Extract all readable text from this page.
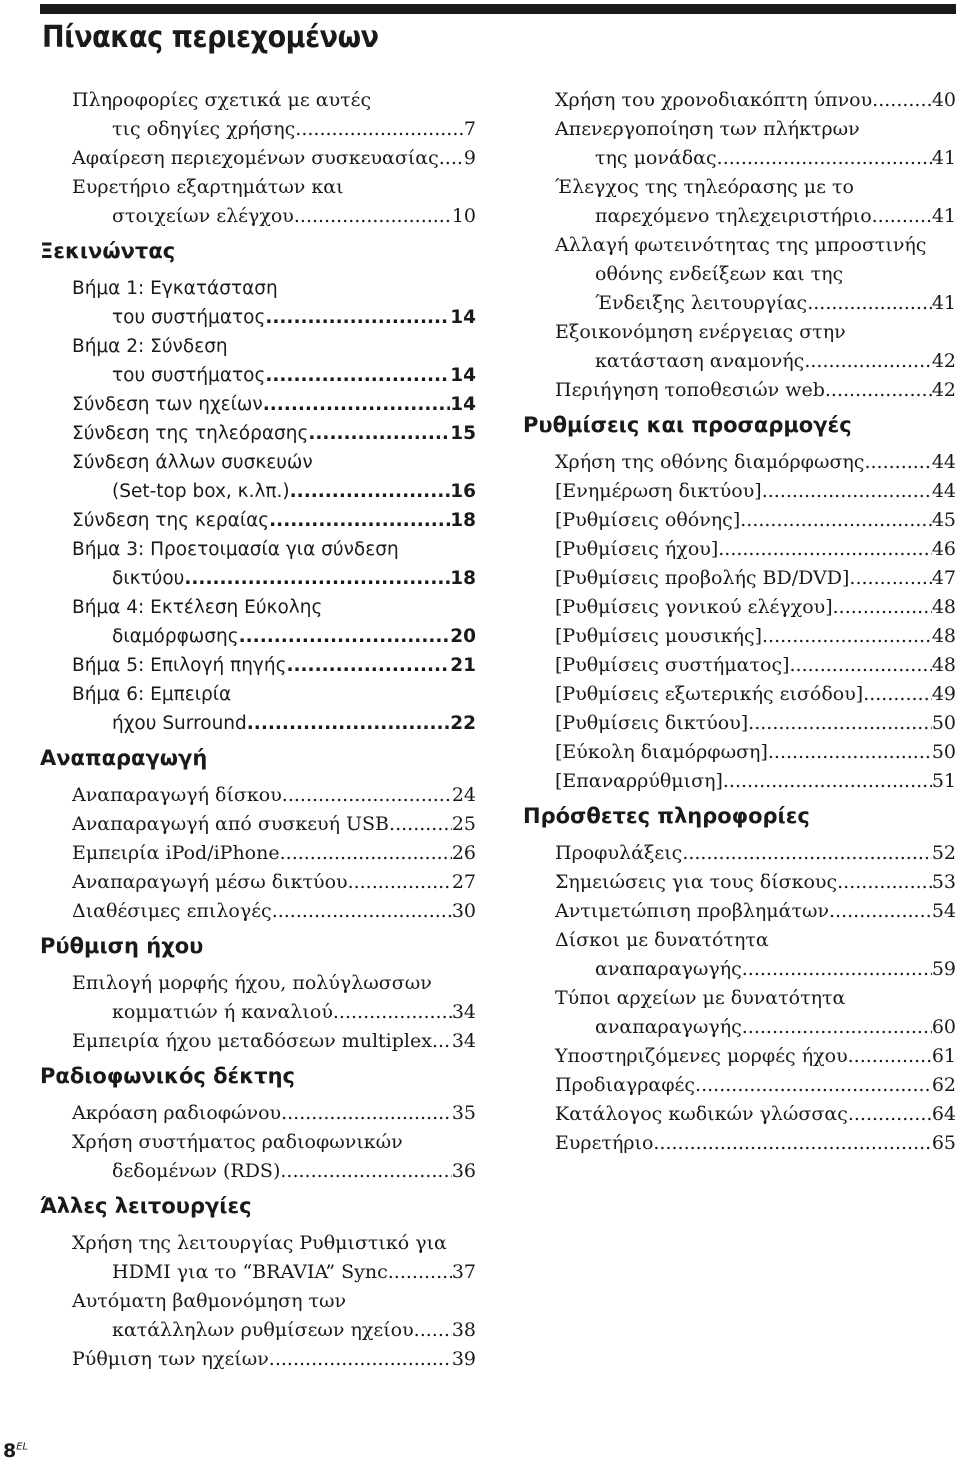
Πίνακας περιεχομένων
Πληροφορίες σχετικά με αυτές
τις οδηγίες χρήσης .....	7
Αφαίρεση περιεχομένων συσκευασίας ..... 9
Ευρετήριο εξαρτημάτων και
στοιχείων ελέγχου .....	10
Ξεκινώντας
Βήμα 1: Εγκατάσταση
του συστήματος .....	14
Βήμα 2: Σύνδεση
του συστήματος .....	14
Σύνδεση των ηχείων .....	14
Σύνδεση της τηλεόρασης .....	15
Σύνδεση άλλων συσκευών
(Set-top box, κ.λπ.) .....	16
Σύνδεση της κεραίας .....	18
Βήμα 3: Προετοιμασία για σύνδεση
δικτύου .....	18
Βήμα 4: Εκτέλεση Εύκολης
διαμόρφωσης .....	20
Βήμα 5: Επιλογή πηγής .....	21
Βήμα 6: Εμπειρία
ήχου Surround .....	22
Αναπαραγωγή
Αναπαραγωγή δίσκου .....	24
Αναπαραγωγή από συσκευή USB .....	25
Εμπειρία iPod/iPhone .....	26
Αναπαραγωγή μέσω δικτύου .....	27
Διαθέσιμες επιλογές .....	30
Ρύθμιση ήχου
Επιλογή μορφής ήχου, πολύγλωσσων
κομματιών ή καναλιού .....	34
Εμπειρία ήχου μεταδόσεων multiplex ..... 34
Ραδιοφωνικός δέκτης
Ακρόαση ραδιοφώνου .....	35
Χρήση συστήματος ραδιοφωνικών
δεδομένων (RDS) .....	36
Άλλες λειτουργίες
Χρήση της λειτουργίας Ρυθμιστικό για
HDMI για το “BRAVIA” Sync .....	37
Αυτόματη βαθμονόμηση των
κατάλληλων ρυθμίσεων ηχείου ..... 38
Ρύθμιση των ηχείων .....	39
Χρήση του χρονοδιακόπτη ύπνου .....	40
Απενεργοποίηση των πλήκτρων
της μονάδας .....	41
Έλεγχος της τηλεόρασης με το
παρεχόμενο τηλεχειριστήριο .....	41
Αλλαγή φωτεινότητας της μπροστινής
οθόνης ενδείξεων και της
Ένδειξης λειτουργίας .....	41
Εξοικονόμηση ενέργειας στην
κατάσταση αναμονής .....	42
Περιήγηση τοποθεσιών web .....	42
Ρυθμίσεις και προσαρμογές
Χρήση της οθόνης διαμόρφωσης .....	44
[Ενημέρωση δικτύου] .....	44
[Ρυθμίσεις οθόνης] .....	45
[Ρυθμίσεις ήχου] .....	46
[Ρυθμίσεις προβολής BD/DVD] .....	47
[Ρυθμίσεις γονικού ελέγχου] .....	48
[Ρυθμίσεις μουσικής] .....	48
[Ρυθμίσεις συστήματος] .....	48
[Ρυθμίσεις εξωτερικής εισόδου] .....	49
[Ρυθμίσεις δικτύου] .....	50
[Εύκολη διαμόρφωση] .....	50
[Επαναρρύθμιση] .....	51
Πρόσθετες πληροφορίες
Προφυλάξεις .....	52
Σημειώσεις για τους δίσκους .....	53
Αντιμετώπιση προβλημάτων .....	54
Δίσκοι με δυνατότητα
αναπαραγωγής .....	59
Τύποι αρχείων με δυνατότητα
αναπαραγωγής .....	60
Υποστηριζόμενες μορφές ήχου .....	61
Προδιαγραφές .....	62
Κατάλογος κωδικών γλώσσας .....	64
Ευρετήριο .....	65
$8^{EL}$
